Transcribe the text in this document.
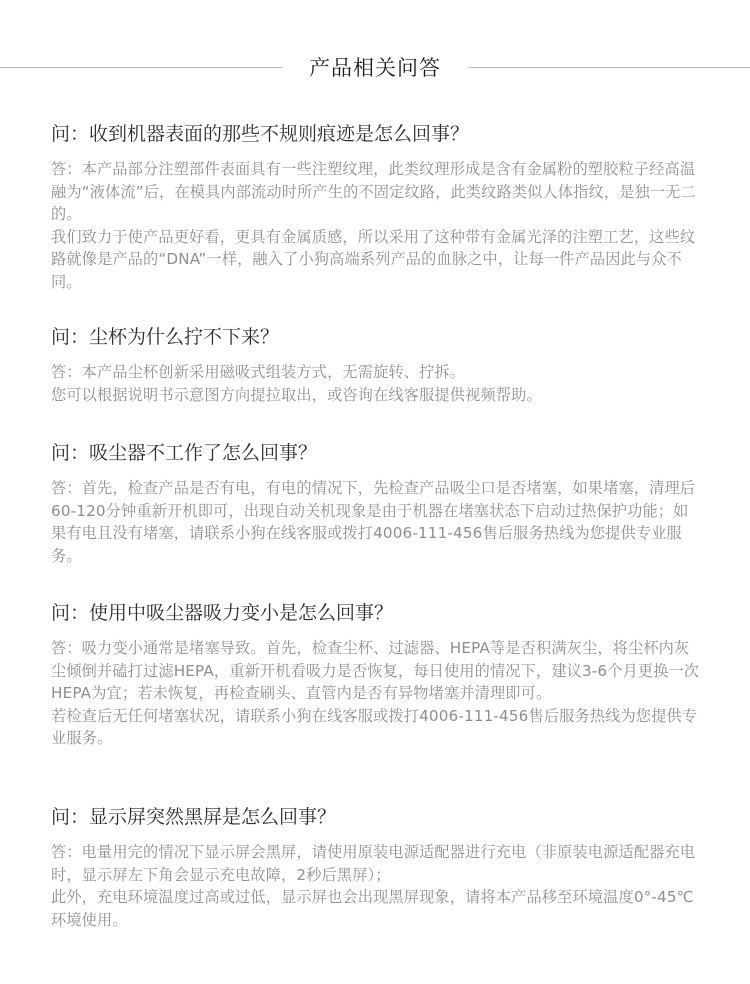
产品相关问答
问：收到机器表面的那些不规则痕迹是怎么回事？

答：本产品部分注塑部件表面具有一些注塑纹理，此类纹理形成是含有金属粉的塑胶粒子经高温融为“液体流”后，在模具内部流动时所产生的不固定纹路，此类纹路类似人体指纹，是独一无二的。

我们致力于使产品更好看，更具有金属质感，所以采用了这种带有金属光泽的注塑工艺，这些纹路就像是产品的“DNA”一样，融入了小狗高端系列产品的血脉之中，让每一件产品因此与众不同。

问：尘杯为什么拧不下来？

答：本产品尘杯创新采用磁吸式组装方式，无需旋转、拧拆。

您可以根据说明书示意图方向提拉取出，或咨询在线客服提供视频帮助。

问：吸尘器不工作了怎么回事？

答：首先，检查产品是否有电，有电的情况下，先检查产品吸尘口是否堵塞，如果堵塞，清理后60-120分钟重新开机即可，出现自动关机现象是由于机器在堵塞状态下启动过热保护功能；如果有电且没有堵塞，请联系小狗在线客服或拨打4006-111-456售后服务热线为您提供专业服务。

问：使用中吸尘器吸力变小是怎么回事？

答：吸力变小通常是堵塞导致。首先，检查尘杯、过滤器、HEPA等是否积满灰尘，将尘杯内灰尘倾倒并磕打过滤HEPA，重新开机看吸力是否恢复，每日使用的情况下，建议3-6个月更换一次HEPA为宜；若未恢复，再检查刷头、直管内是否有异物堵塞并清理即可。

若检查后无任何堵塞状况，请联系小狗在线客服或拨打4006-111-456售后服务热线为您提供专业服务。

问：显示屏突然黑屏是怎么回事？

答：电量用完的情况下显示屏会黑屏，请使用原装电源适配器进行充电（非原装电源适配器充电时，显示屏左下角会显示充电故障，2秒后黑屏）；

此外，充电环境温度过高或过低，显示屏也会出现黑屏现象，请将本产品移至环境温度0°-45℃环境使用。
